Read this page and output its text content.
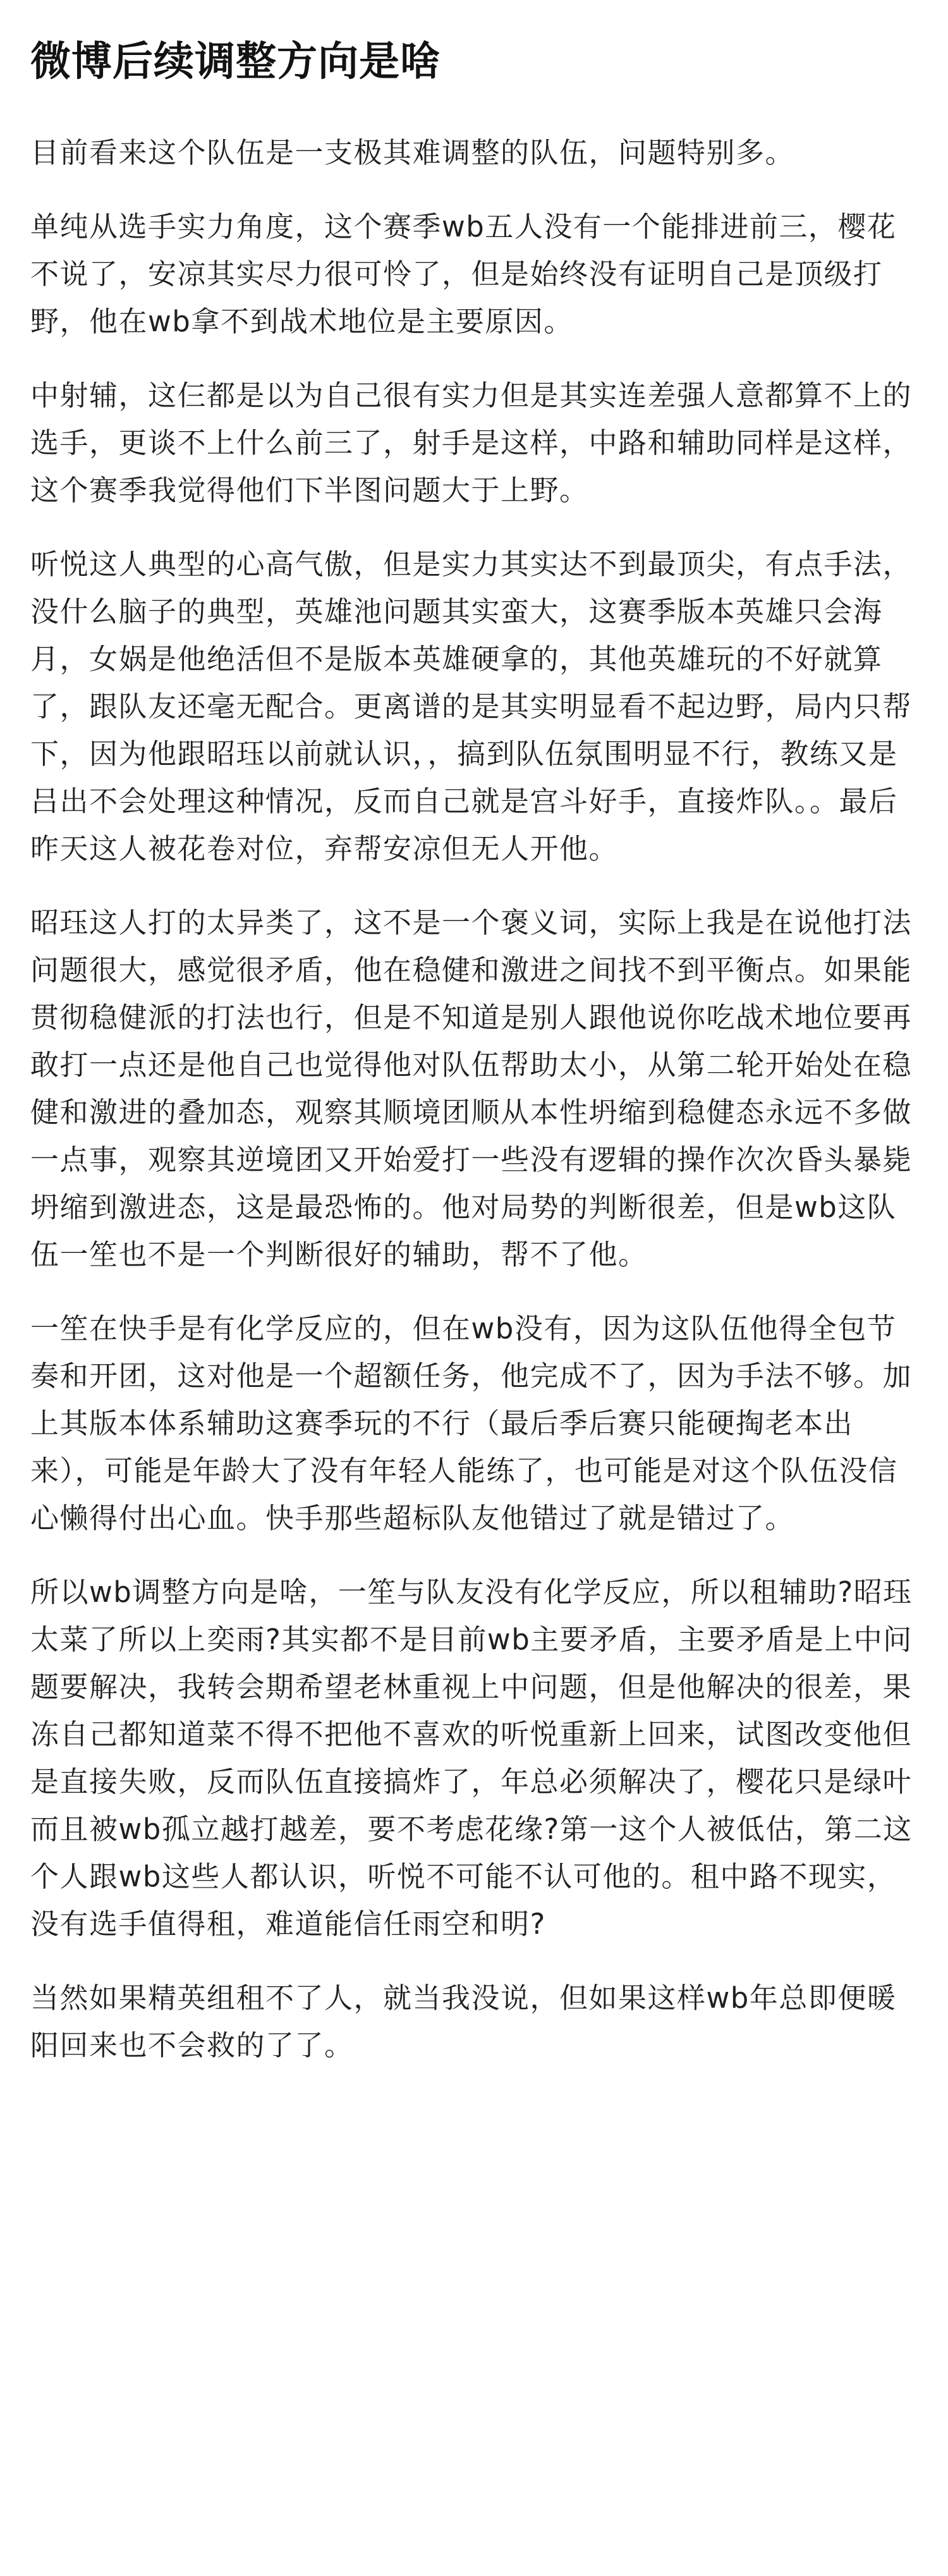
微博后续调整方向是啥

目前看来这个队伍是一支极其难调整的队伍，问题特别多。

单纯从选手实力角度，这个赛季wb五人没有一个能排进前三，樱花不说了，安凉其实尽力很可怜了，但是始终没有证明自己是顶级打野，他在wb拿不到战术地位是主要原因。

中射辅，这仨都是以为自己很有实力但是其实连差强人意都算不上的选手，更谈不上什么前三了，射手是这样，中路和辅助同样是这样，这个赛季我觉得他们下半图问题大于上野。

听悦这人典型的心高气傲，但是实力其实达不到最顶尖，有点手法，没什么脑子的典型，英雄池问题其实蛮大，这赛季版本英雄只会海月，女娲是他绝活但不是版本英雄硬拿的，其他英雄玩的不好就算了，跟队友还毫无配合。更离谱的是其实明显看不起边野，局内只帮下，因为他跟昭珏以前就认识，，搞到队伍氛围明显不行，教练又是吕出不会处理这种情况，反而自己就是宫斗好手，直接炸队。。最后昨天这人被花卷对位，弃帮安凉但无人开他。

昭珏这人打的太异类了，这不是一个褒义词，实际上我是在说他打法问题很大，感觉很矛盾，他在稳健和激进之间找不到平衡点。如果能贯彻稳健派的打法也行，但是不知道是别人跟他说你吃战术地位要再敢打一点还是他自己也觉得他对队伍帮助太小，从第二轮开始处在稳健和激进的叠加态，观察其顺境团顺从本性坍缩到稳健态永远不多做一点事，观察其逆境团又开始爱打一些没有逻辑的操作次次昏头暴毙坍缩到激进态，这是最恐怖的。他对局势的判断很差，但是wb这队伍一笙也不是一个判断很好的辅助，帮不了他。

一笙在快手是有化学反应的，但在wb没有，因为这队伍他得全包节奏和开团，这对他是一个超额任务，他完成不了，因为手法不够。加上其版本体系辅助这赛季玩的不行（最后季后赛只能硬掏老本出来），可能是年龄大了没有年轻人能练了，也可能是对这个队伍没信心懒得付出心血。快手那些超标队友他错过了就是错过了。

所以wb调整方向是啥，一笙与队友没有化学反应，所以租辅助?昭珏太菜了所以上奕雨?其实都不是目前wb主要矛盾，主要矛盾是上中问题要解决，我转会期希望老林重视上中问题，但是他解决的很差，果冻自己都知道菜不得不把他不喜欢的听悦重新上回来，试图改变他但是直接失败，反而队伍直接搞炸了，年总必须解决了，樱花只是绿叶而且被wb孤立越打越差，要不考虑花缘?第一这个人被低估，第二这个人跟wb这些人都认识，听悦不可能不认可他的。租中路不现实，没有选手值得租，难道能信任雨空和明?

当然如果精英组租不了人，就当我没说，但如果这样wb年总即便暖阳回来也不会救的了了。
